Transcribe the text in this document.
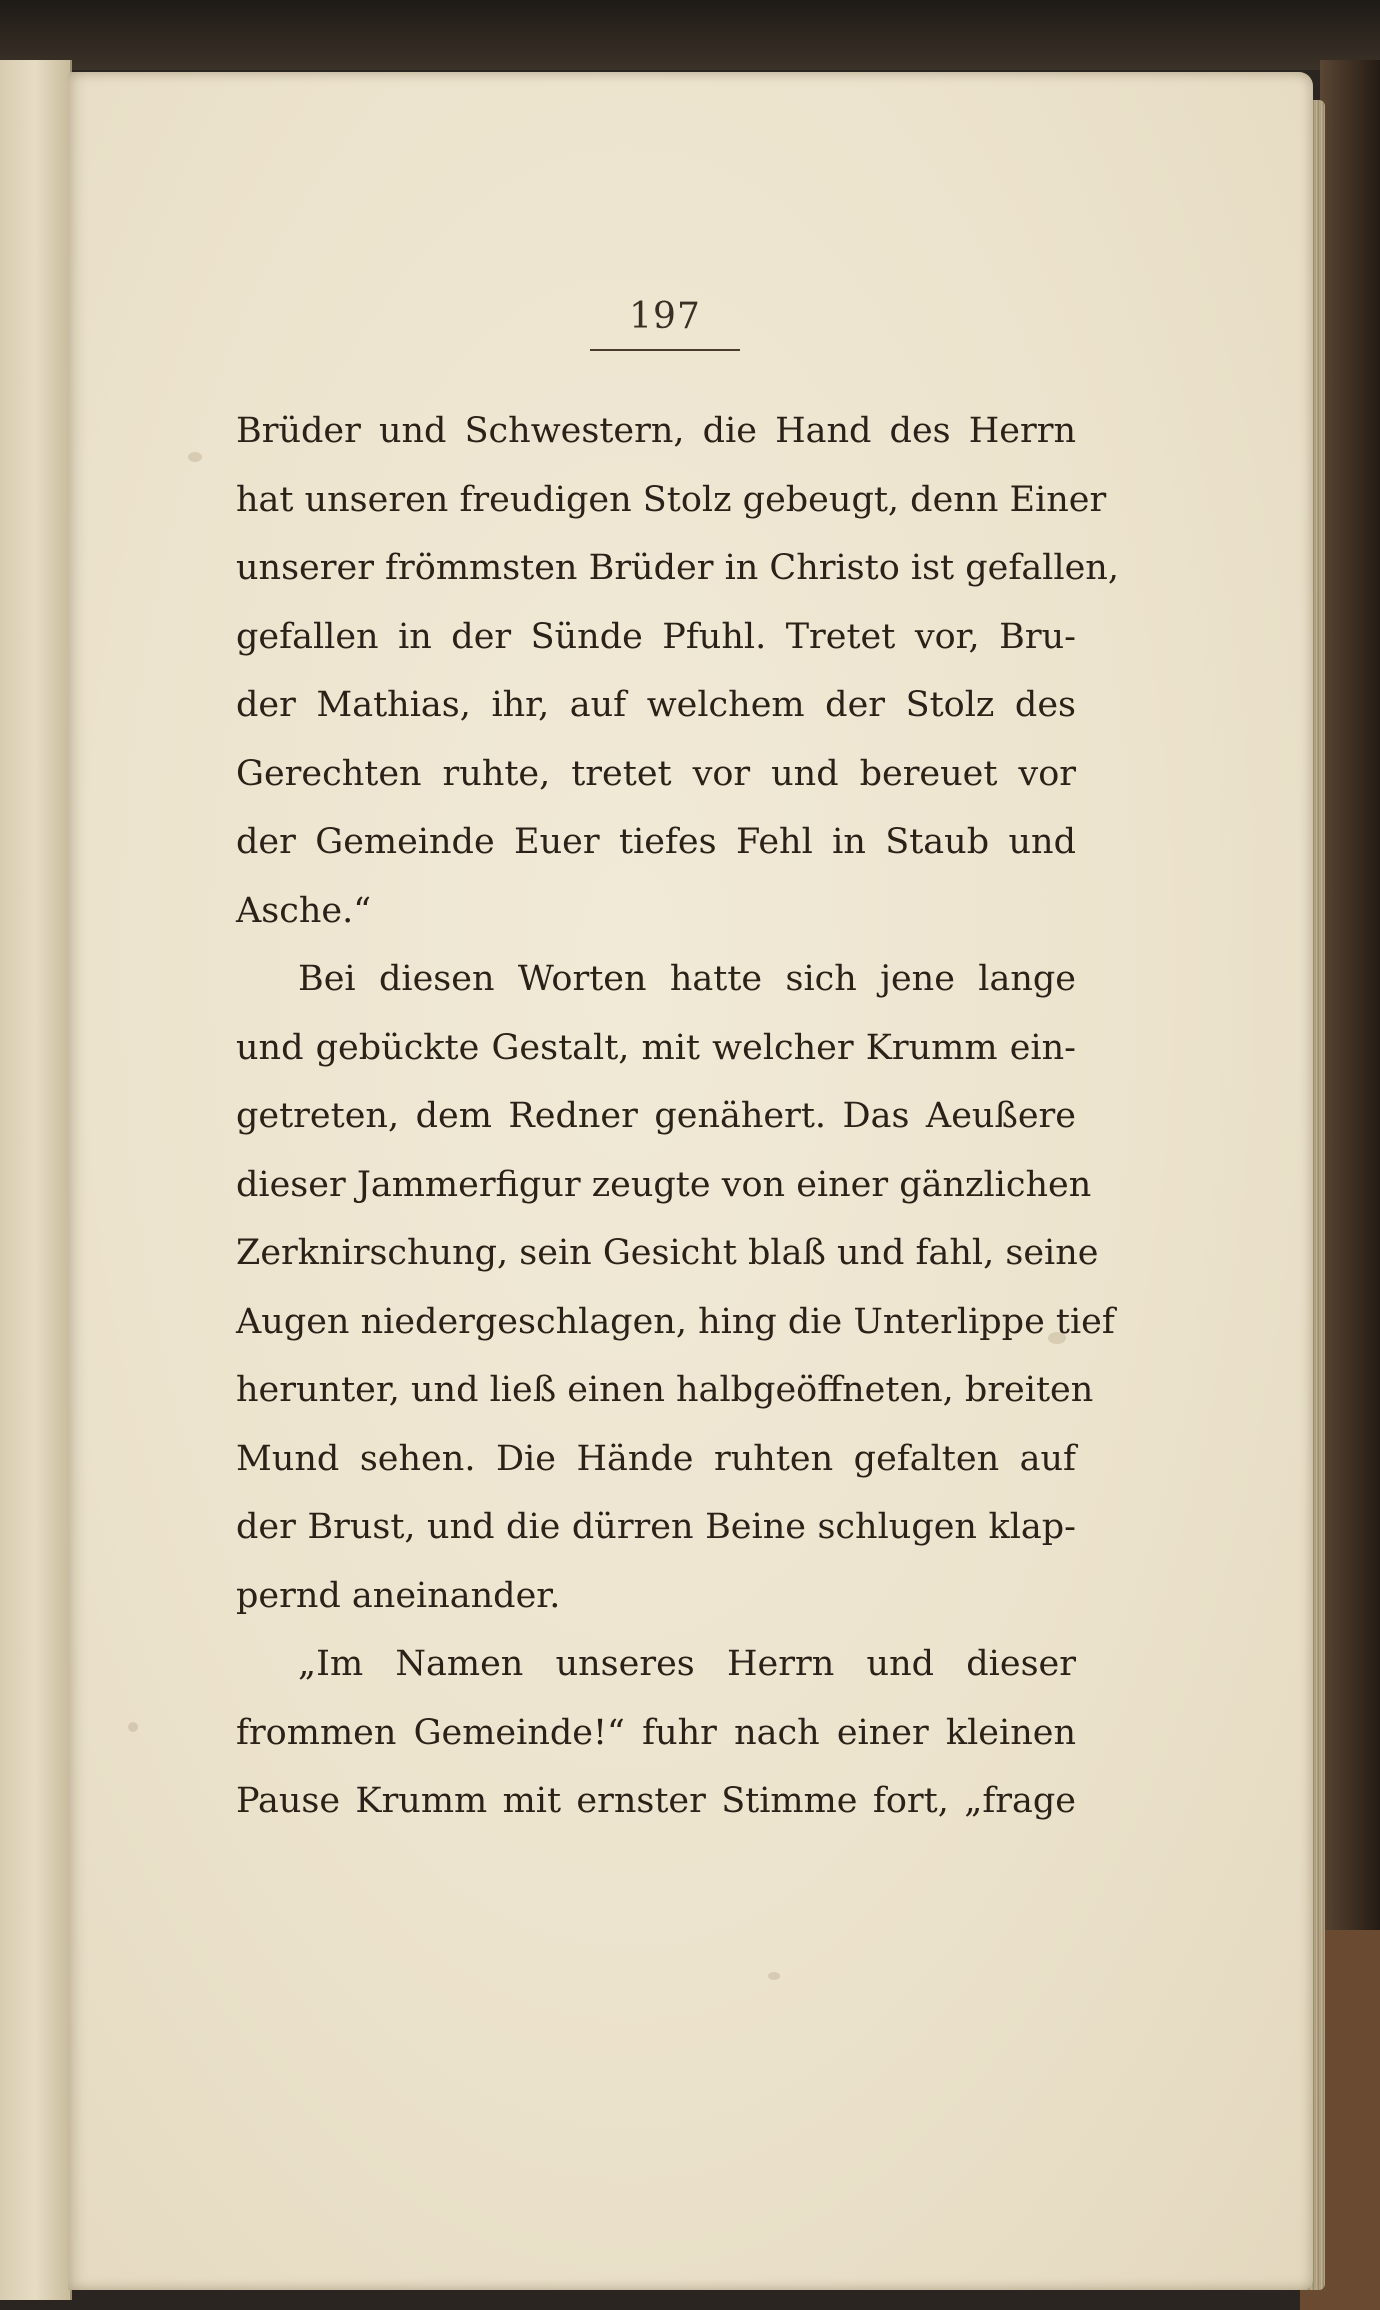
197
Brüder und Schwestern, die Hand des Herrn
hat unseren freudigen Stolz gebeugt, denn Einer
unserer frömmsten Brüder in Christo ist gefallen,
gefallen in der Sünde Pfuhl. Tretet vor, Bru-
der Mathias, ihr, auf welchem der Stolz des
Gerechten ruhte, tretet vor und bereuet vor
der Gemeinde Euer tiefes Fehl in Staub und
Asche.“
Bei diesen Worten hatte sich jene lange
und gebückte Gestalt, mit welcher Krumm ein-
getreten, dem Redner genähert. Das Aeußere
dieser Jammerfigur zeugte von einer gänzlichen
Zerknirschung, sein Gesicht blaß und fahl, seine
Augen niedergeschlagen, hing die Unterlippe tief
herunter, und ließ einen halbgeöffneten, breiten
Mund sehen. Die Hände ruhten gefalten auf
der Brust, und die dürren Beine schlugen klap-
pernd aneinander.
„Im Namen unseres Herrn und dieser
frommen Gemeinde!“ fuhr nach einer kleinen
Pause Krumm mit ernster Stimme fort, „frage
